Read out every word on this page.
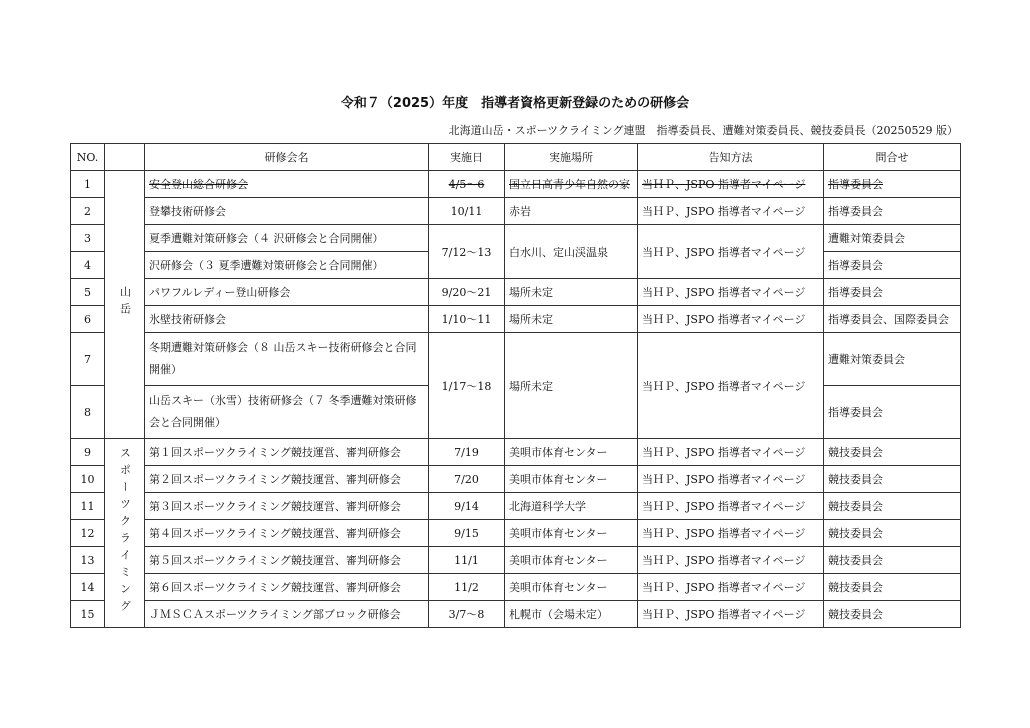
令和７（2025）年度　指導者資格更新登録のための研修会
北海道山岳・スポーツクライミング連盟　指導委員長、遭難対策委員長、競技委員長（20250529 版）
NO.		研修会名	実施日	実施場所	告知方法	問合せ
1	山岳	安全登山総合研修会	4/5〜6	国立日高青少年自然の家	当ＨＰ、JSPO 指導者マイページ	指導委員会
2		登攀技術研修会	10/11	赤岩	当ＨＰ、JSPO 指導者マイページ	指導委員会
3		夏季遭難対策研修会（４ 沢研修会と合同開催）	7/12〜13	白水川、定山渓温泉	当ＨＰ、JSPO 指導者マイページ	遭難対策委員会
4		沢研修会（３ 夏季遭難対策研修会と合同開催）				指導委員会
5		パワフルレディー登山研修会	9/20〜21	場所未定	当ＨＰ、JSPO 指導者マイページ	指導委員会
6		氷壁技術研修会	1/10〜11	場所未定	当ＨＰ、JSPO 指導者マイページ	指導委員会、国際委員会
7		冬期遭難対策研修会（８ 山岳スキー技術研修会と合同開催）	1/17〜18	場所未定	当ＨＰ、JSPO 指導者マイページ	遭難対策委員会
8		山岳スキー（氷雪）技術研修会（７ 冬季遭難対策研修会と合同開催）				指導委員会
9	スポーツクライミング	第１回スポーツクライミング競技運営、審判研修会	7/19	美唄市体育センター	当ＨＰ、JSPO 指導者マイページ	競技委員会
10		第２回スポーツクライミング競技運営、審判研修会	7/20	美唄市体育センター	当ＨＰ、JSPO 指導者マイページ	競技委員会
11		第３回スポーツクライミング競技運営、審判研修会	9/14	北海道科学大学	当ＨＰ、JSPO 指導者マイページ	競技委員会
12		第４回スポーツクライミング競技運営、審判研修会	9/15	美唄市体育センター	当ＨＰ、JSPO 指導者マイページ	競技委員会
13		第５回スポーツクライミング競技運営、審判研修会	11/1	美唄市体育センター	当ＨＰ、JSPO 指導者マイページ	競技委員会
14		第６回スポーツクライミング競技運営、審判研修会	11/2	美唄市体育センター	当ＨＰ、JSPO 指導者マイページ	競技委員会
15		ＪＭＳＣＡスポーツクライミング部ブロック研修会	3/7〜8	札幌市（会場未定）	当ＨＰ、JSPO 指導者マイページ	競技委員会
